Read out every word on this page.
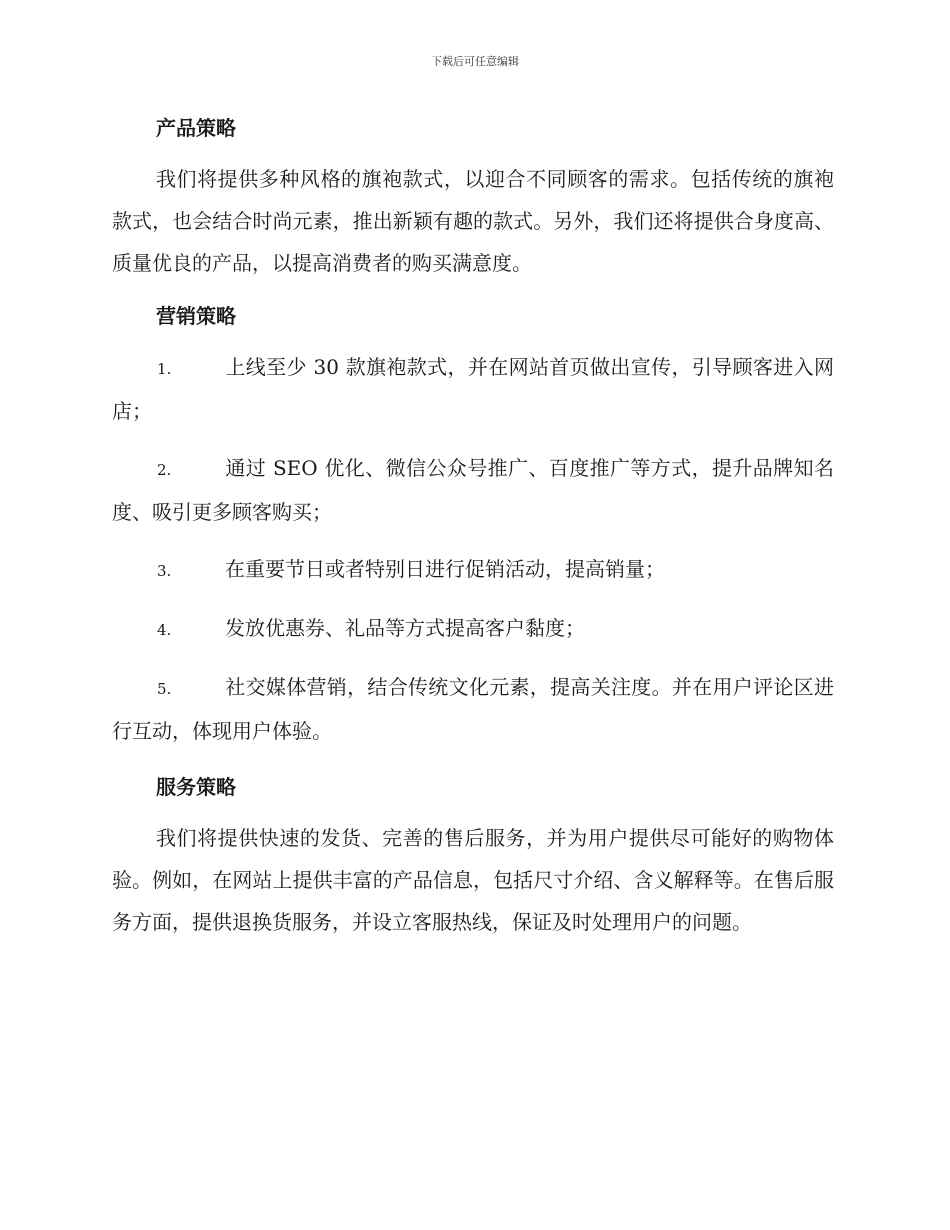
下载后可任意编辑
产品策略

我们将提供多种风格的旗袍款式，以迎合不同顾客的需求。包括传统的旗袍款式，也会结合时尚元素，推出新颖有趣的款式。另外，我们还将提供合身度高、质量优良的产品，以提高消费者的购买满意度。

营销策略
1.	上线至少 30 款旗袍款式，并在网站首页做出宣传，引导顾客进入网店；
2.	通过 SEO 优化、微信公众号推广、百度推广等方式，提升品牌知名度、吸引更多顾客购买；
3.	在重要节日或者特别日进行促销活动，提高销量；
4.	发放优惠券、礼品等方式提高客户黏度；
5.	社交媒体营销，结合传统文化元素，提高关注度。并在用户评论区进行互动，体现用户体验。
服务策略

我们将提供快速的发货、完善的售后服务，并为用户提供尽可能好的购物体验。例如，在网站上提供丰富的产品信息，包括尺寸介绍、含义解释等。在售后服务方面，提供退换货服务，并设立客服热线，保证及时处理用户的问题。
